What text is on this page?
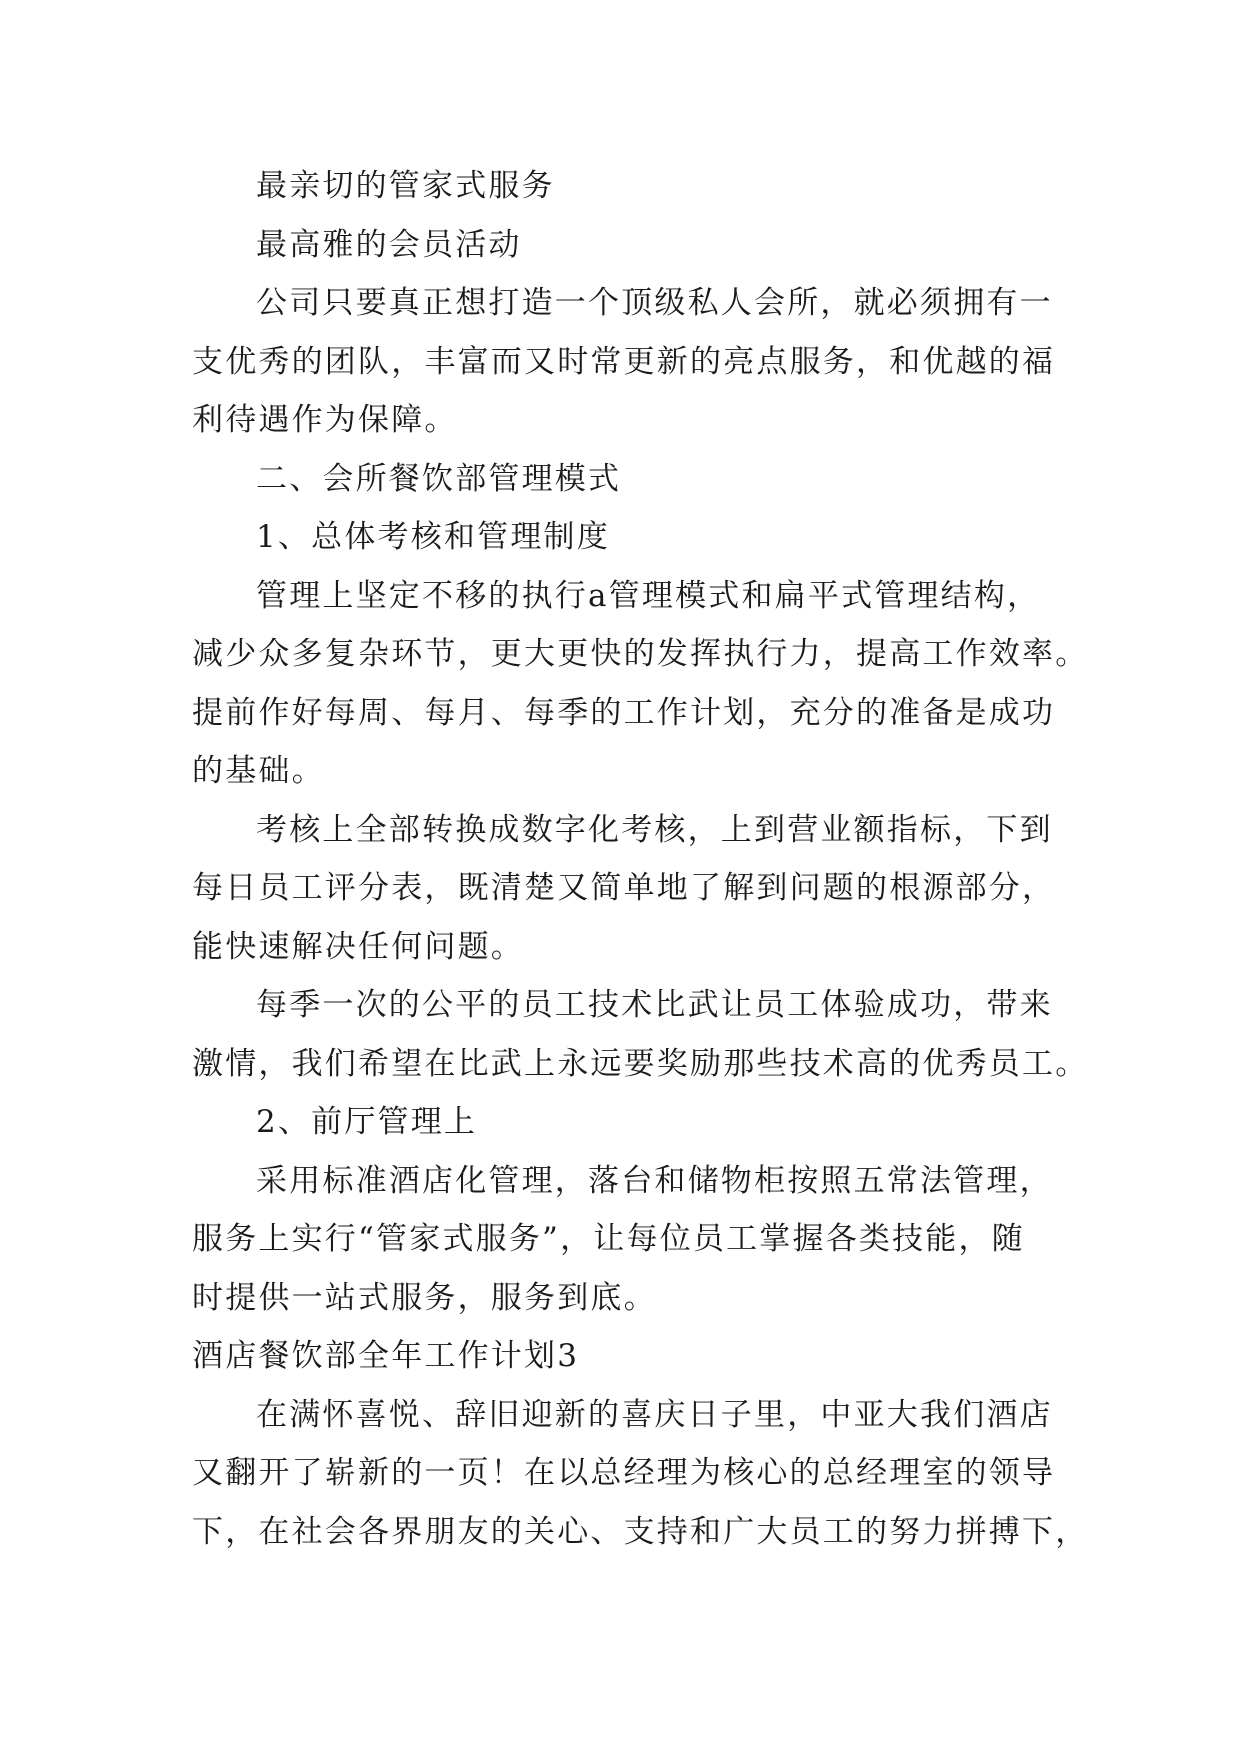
最亲切的管家式服务
最高雅的会员活动
公司只要真正想打造一个顶级私人会所，就必须拥有一
支优秀的团队，丰富而又时常更新的亮点服务，和优越的福
利待遇作为保障。
二、会所餐饮部管理模式
1、总体考核和管理制度
管理上坚定不移的执行a管理模式和扁平式管理结构，
减少众多复杂环节，更大更快的发挥执行力，提高工作效率。
提前作好每周、每月、每季的工作计划，充分的准备是成功
的基础。
考核上全部转换成数字化考核，上到营业额指标，下到
每日员工评分表，既清楚又简单地了解到问题的根源部分，
能快速解决任何问题。
每季一次的公平的员工技术比武让员工体验成功，带来
激情，我们希望在比武上永远要奖励那些技术高的优秀员工。
2、前厅管理上
采用标准酒店化管理，落台和储物柜按照五常法管理，
服务上实行“管家式服务”，让每位员工掌握各类技能，随
时提供一站式服务，服务到底。
酒店餐饮部全年工作计划3
在满怀喜悦、辞旧迎新的喜庆日子里，中亚大我们酒店
又翻开了崭新的一页！在以总经理为核心的总经理室的领导
下，在社会各界朋友的关心、支持和广大员工的努力拼搏下，
